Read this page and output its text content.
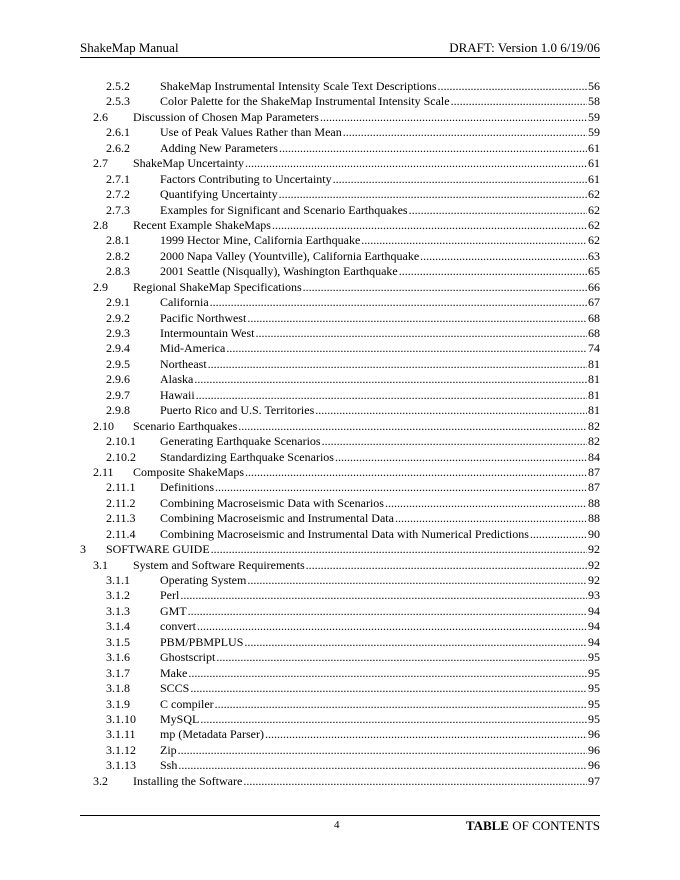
ShakeMap Manual	DRAFT: Version 1.0 6/19/06
2.5.2	ShakeMap Instrumental Intensity Scale Text Descriptions .....	56
2.5.3	Color Palette for the ShakeMap Instrumental Intensity Scale .....	58
2.6 Discussion of Chosen Map Parameters .....	59
2.6.1	Use of Peak Values Rather than Mean .....	59
2.6.2	Adding New Parameters .....	61
2.7 ShakeMap Uncertainty .....	61
2.7.1	Factors Contributing to Uncertainty .....	61
2.7.2	Quantifying Uncertainty .....	62
2.7.3	Examples for Significant and Scenario Earthquakes .....	62
2.8 Recent Example ShakeMaps .....	62
2.8.1	1999 Hector Mine, California Earthquake .....	62
2.8.2	2000 Napa Valley (Yountville), California Earthquake .....	63
2.8.3	2001 Seattle (Nisqually), Washington Earthquake .....	65
2.9 Regional ShakeMap Specifications .....	66
2.9.1	California .....	67
2.9.2	Pacific Northwest .....	68
2.9.3	Intermountain West .....	68
2.9.4	Mid-America .....	74
2.9.5	Northeast .....	81
2.9.6	Alaska .....	81
2.9.7	Hawaii .....	81
2.9.8	Puerto Rico and U.S. Territories .....	81
2.10 Scenario Earthquakes .....	82
2.10.1 Generating Earthquake Scenarios .....	82
2.10.2 Standardizing Earthquake Scenarios .....	84
2.11 Composite ShakeMaps .....	87
2.11.1 Definitions .....	87
2.11.2 Combining Macroseismic Data with Scenarios .....	88
2.11.3 Combining Macroseismic and Instrumental Data .....	88
2.11.4 Combining Macroseismic and Instrumental Data with Numerical Predictions .....	90
3 SOFTWARE GUIDE .....	92
3.1 System and Software Requirements .....	92
3.1.1	Operating System .....	92
3.1.2	Perl .....	93
3.1.3	GMT .....	94
3.1.4	convert .....	94
3.1.5	PBM/PBMPLUS .....	94
3.1.6	Ghostscript .....	95
3.1.7	Make .....	95
3.1.8	SCCS .....	95
3.1.9	C compiler .....	95
3.1.10 MySQL .....	95
3.1.11 mp (Metadata Parser) .....	96
3.1.12 Zip .....	96
3.1.13 Ssh .....	96
3.2 Installing the Software .....	97
4	TABLE OF CONTENTS
